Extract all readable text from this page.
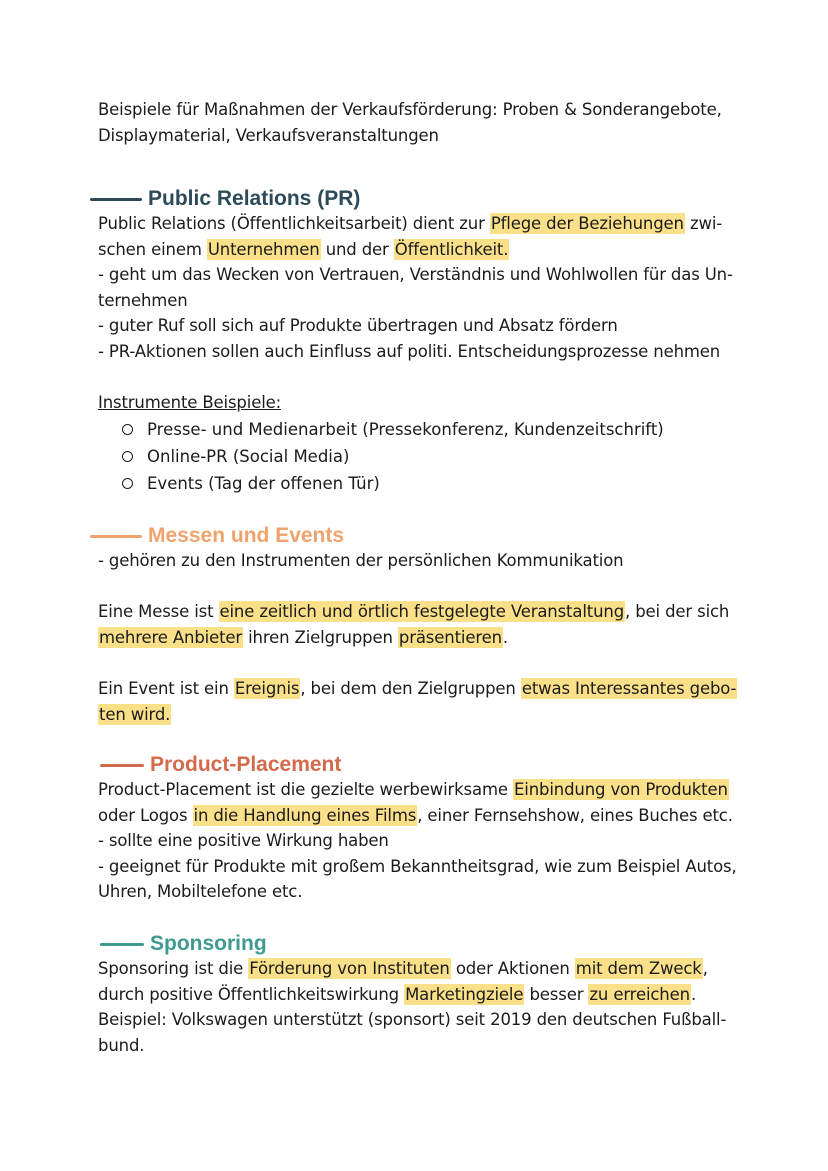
Beispiele für Maßnahmen der Verkaufsförderung: Proben & Sonderangebote,
Displaymaterial, Verkaufsveranstaltungen
Public Relations (PR)
Public Relations (Öffentlichkeitsarbeit) dient zur Pflege der Beziehungen zwi-
schen einem Unternehmen und der Öffentlichkeit.
- geht um das Wecken von Vertrauen, Verständnis und Wohlwollen für das Un-
ternehmen
- guter Ruf soll sich auf Produkte übertragen und Absatz fördern
- PR-Aktionen sollen auch Einfluss auf politi. Entscheidungsprozesse nehmen
Instrumente Beispiele:
Presse- und Medienarbeit (Pressekonferenz, Kundenzeitschrift)
Online-PR (Social Media)
Events (Tag der offenen Tür)
Messen und Events
- gehören zu den Instrumenten der persönlichen Kommunikation
Eine Messe ist eine zeitlich und örtlich festgelegte Veranstaltung, bei der sich
mehrere Anbieter ihren Zielgruppen präsentieren.
Ein Event ist ein Ereignis, bei dem den Zielgruppen etwas Interessantes gebo-
ten wird.
Product-Placement
Product-Placement ist die gezielte werbewirksame Einbindung von Produkten
oder Logos in die Handlung eines Films, einer Fernsehshow, eines Buches etc.
- sollte eine positive Wirkung haben
- geeignet für Produkte mit großem Bekanntheitsgrad, wie zum Beispiel Autos,
Uhren, Mobiltelefone etc.
Sponsoring
Sponsoring ist die Förderung von Instituten oder Aktionen mit dem Zweck,
durch positive Öffentlichkeitswirkung Marketingziele besser zu erreichen.
Beispiel: Volkswagen unterstützt (sponsort) seit 2019 den deutschen Fußball-
bund.
